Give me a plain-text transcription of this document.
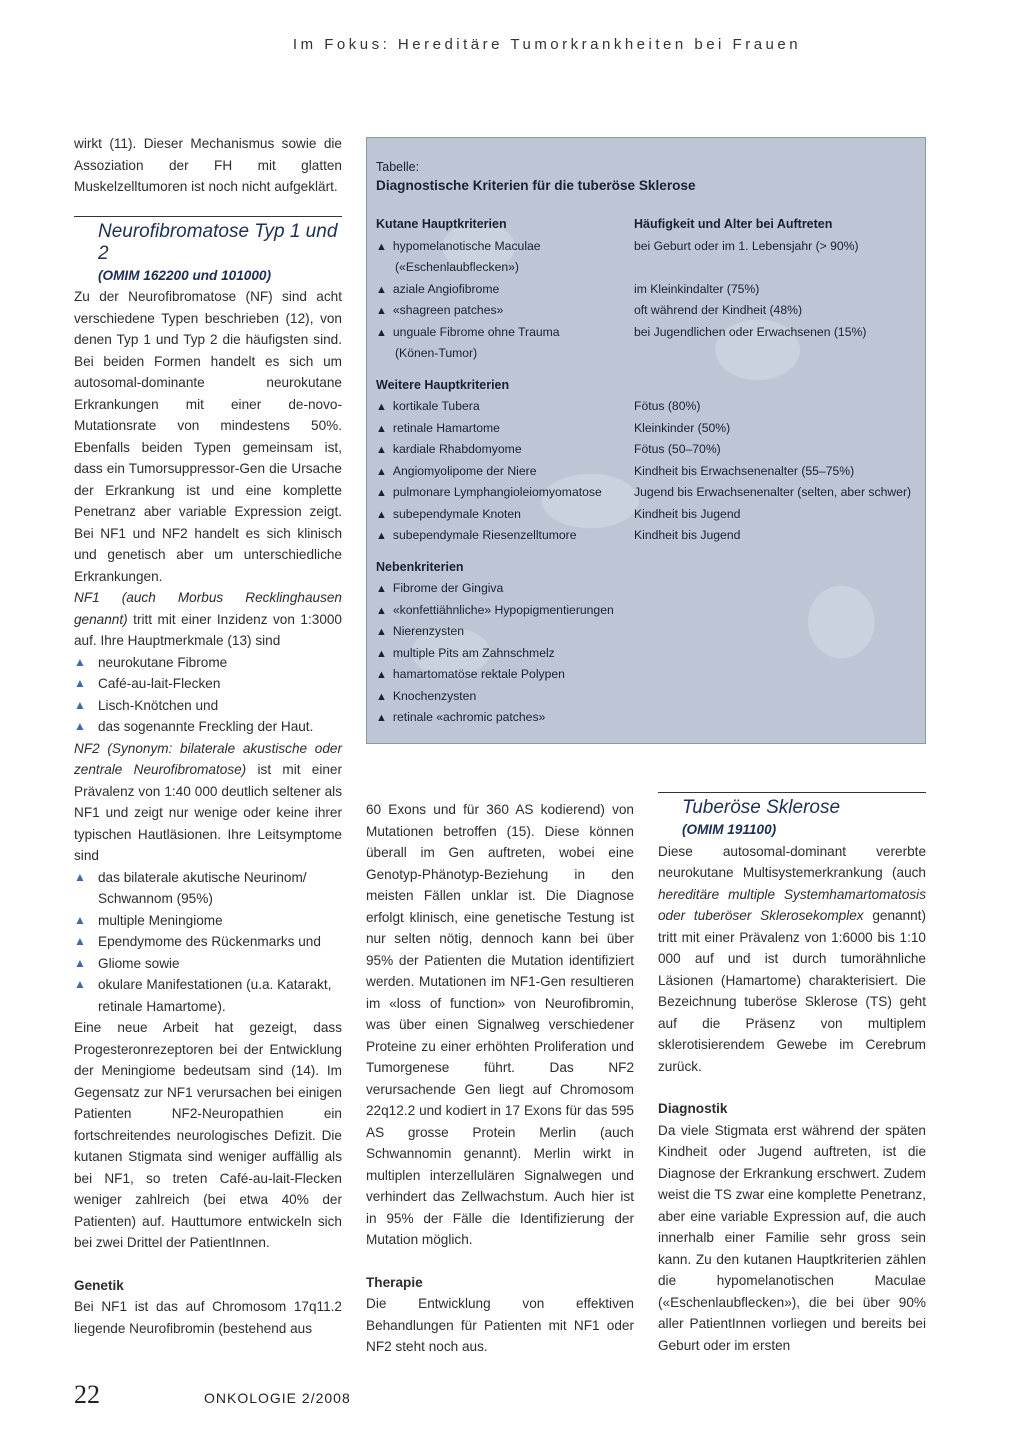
Im Fokus: Hereditäre Tumorkrankheiten bei Frauen

wirkt (11). Dieser Mechanismus sowie die Assoziation der FH mit glatten Muskelzelltumoren ist noch nicht aufgeklärt.

Neurofibromatose Typ 1 und 2
(OMIM 162200 und 101000)

Zu der Neurofibromatose (NF) sind acht verschiedene Typen beschrieben (12), von denen Typ 1 und Typ 2 die häufigsten sind. Bei beiden Formen handelt es sich um autosomal-dominante neurokutane Erkrankungen mit einer de-novo-Mutationsrate von mindestens 50%. Ebenfalls beiden Typen gemeinsam ist, dass ein Tumorsuppressor-Gen die Ursache der Erkrankung ist und eine komplette Penetranz aber variable Expression zeigt. Bei NF1 und NF2 handelt es sich klinisch und genetisch aber um unterschiedliche Erkrankungen.

NF1 (auch Morbus Recklinghausen genannt) tritt mit einer Inzidenz von 1:3000 auf. Ihre Hauptmerkmale (13) sind

▲ neurokutane Fibrome
▲ Café-au-lait-Flecken
▲ Lisch-Knötchen und
▲ das sogenannte Freckling der Haut.

NF2 (Synonym: bilaterale akustische oder zentrale Neurofibromatose) ist mit einer Prävalenz von 1:40 000 deutlich seltener als NF1 und zeigt nur wenige oder keine ihrer typischen Hautläsionen. Ihre Leitsymptome sind

▲ das bilaterale akutische Neurinom/ Schwannom (95%)
▲ multiple Meningiome
▲ Ependymome des Rückenmarks und
▲ Gliome sowie
▲ okulare Manifestationen (u.a. Katarakt, retinale Hamartome).

Eine neue Arbeit hat gezeigt, dass Progesteronrezeptoren bei der Entwicklung der Meningiome bedeutsam sind (14). Im Gegensatz zur NF1 verursachen bei einigen Patienten NF2-Neuropathien ein fortschreitendes neurologisches Defizit. Die kutanen Stigmata sind weniger auffällig als bei NF1, so treten Café-au-lait-Flecken weniger zahlreich (bei etwa 40% der Patienten) auf. Hauttumore entwickeln sich bei zwei Drittel der PatientInnen.

Genetik

Bei NF1 ist das auf Chromosom 17q11.2 liegende Neurofibromin (bestehend aus

Tabelle:
Diagnostische Kriterien für die tuberöse Sklerose
Kutane Hauptkriterien	Häufigkeit und Alter bei Auftreten
▲ hypomelanotische Maculae	bei Geburt oder im 1. Lebensjahr (> 90%)
(«Eschenlaubflecken»)
▲ aziale Angiofibrome	im Kleinkindalter (75%)
▲ «shagreen patches»	oft während der Kindheit (48%)
▲ unguale Fibrome ohne Trauma	bei Jugendlichen oder Erwachsenen (15%)
(Könen-Tumor)
Weitere Hauptkriterien
▲ kortikale Tubera	Fötus (80%)
▲ retinale Hamartome	Kleinkinder (50%)
▲ kardiale Rhabdomyome	Fötus (50–70%)
▲ Angiomyolipome der Niere	Kindheit bis Erwachsenenalter (55–75%)
▲ pulmonare Lymphangioleiomyomatose	Jugend bis Erwachsenenalter (selten, aber schwer)
▲ subependymale Knoten	Kindheit bis Jugend
▲ subependymale Riesenzelltumore	Kindheit bis Jugend
Nebenkriterien
▲ Fibrome der Gingiva
▲ «konfettiähnliche» Hypopigmentierungen
▲ Nierenzysten
▲ multiple Pits am Zahnschmelz
▲ hamartomatöse rektale Polypen
▲ Knochenzysten
▲ retinale «achromic patches»

60 Exons und für 360 AS kodierend) von Mutationen betroffen (15). Diese können überall im Gen auftreten, wobei eine Genotyp-Phänotyp-Beziehung in den meisten Fällen unklar ist. Die Diagnose erfolgt klinisch, eine genetische Testung ist nur selten nötig, dennoch kann bei über 95% der Patienten die Mutation identifiziert werden. Mutationen im NF1-Gen resultieren im «loss of function» von Neurofibromin, was über einen Signalweg verschiedener Proteine zu einer erhöhten Proliferation und Tumorgenese führt. Das NF2 verursachende Gen liegt auf Chromosom 22q12.2 und kodiert in 17 Exons für das 595 AS grosse Protein Merlin (auch Schwannomin genannt). Merlin wirkt in multiplen interzellulären Signalwegen und verhindert das Zellwachstum. Auch hier ist in 95% der Fälle die Identifizierung der Mutation möglich.

Therapie

Die Entwicklung von effektiven Behandlungen für Patienten mit NF1 oder NF2 steht noch aus.

Tuberöse Sklerose
(OMIM 191100)

Diese autosomal-dominant vererbte neurokutane Multisystemerkrankung (auch hereditäre multiple Systemhamartomatosis oder tuberöser Sklerosekomplex genannt) tritt mit einer Prävalenz von 1:6000 bis 1:10 000 auf und ist durch tumorähnliche Läsionen (Hamartome) charakterisiert. Die Bezeichnung tuberöse Sklerose (TS) geht auf die Präsenz von multiplem sklerotisierendem Gewebe im Cerebrum zurück.

Diagnostik

Da viele Stigmata erst während der späten Kindheit oder Jugend auftreten, ist die Diagnose der Erkrankung erschwert. Zudem weist die TS zwar eine komplette Penetranz, aber eine variable Expression auf, die auch innerhalb einer Familie sehr gross sein kann. Zu den kutanen Hauptkriterien zählen die hypomelanotischen Maculae («Eschenlaubflecken»), die bei über 90% aller PatientInnen vorliegen und bereits bei Geburt oder im ersten

22	ONKOLOGIE 2/2008
